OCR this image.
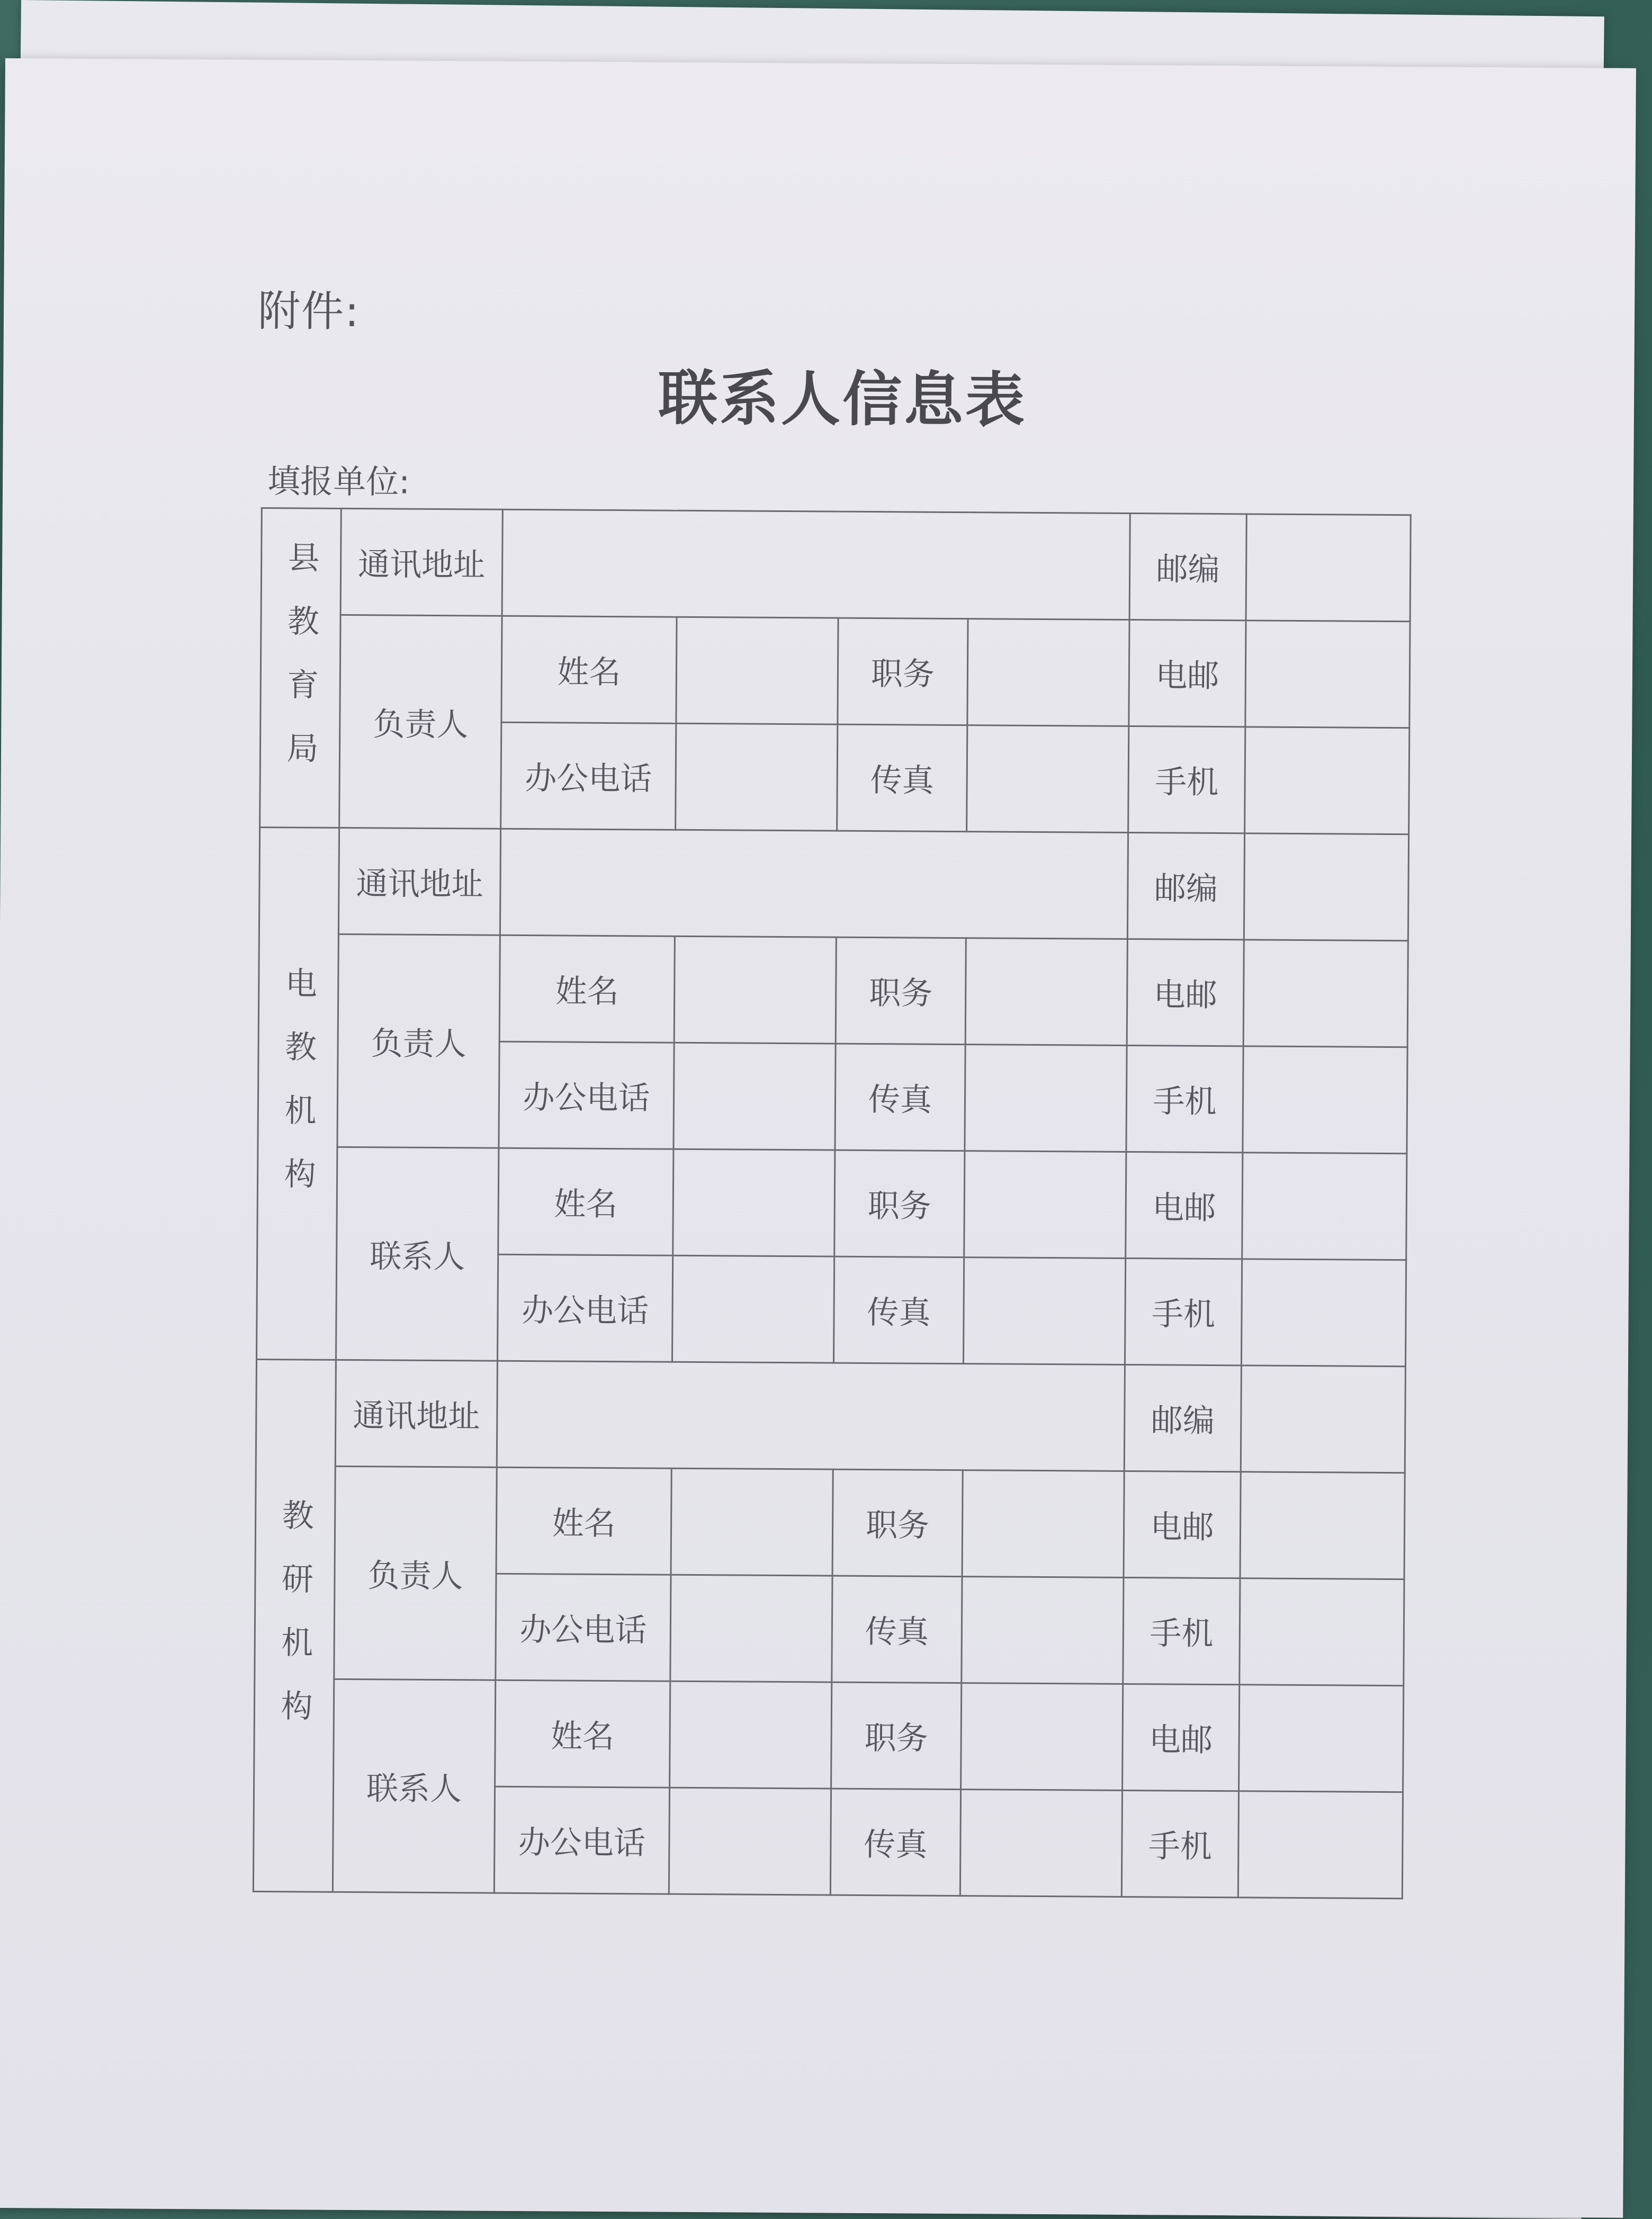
附件:
联系人信息表
填报单位:
县教育局	通讯地址					邮编	
	负责人	姓名		职务		电邮	
		办公电话		传真		手机	
电教机构	通讯地址					邮编	
	负责人	姓名		职务		电邮	
		办公电话		传真		手机	
	联系人	姓名		职务		电邮	
		办公电话		传真		手机	
教研机构	通讯地址					邮编	
	负责人	姓名		职务		电邮	
		办公电话		传真		手机	
	联系人	姓名		职务		电邮	
		办公电话		传真		手机	
